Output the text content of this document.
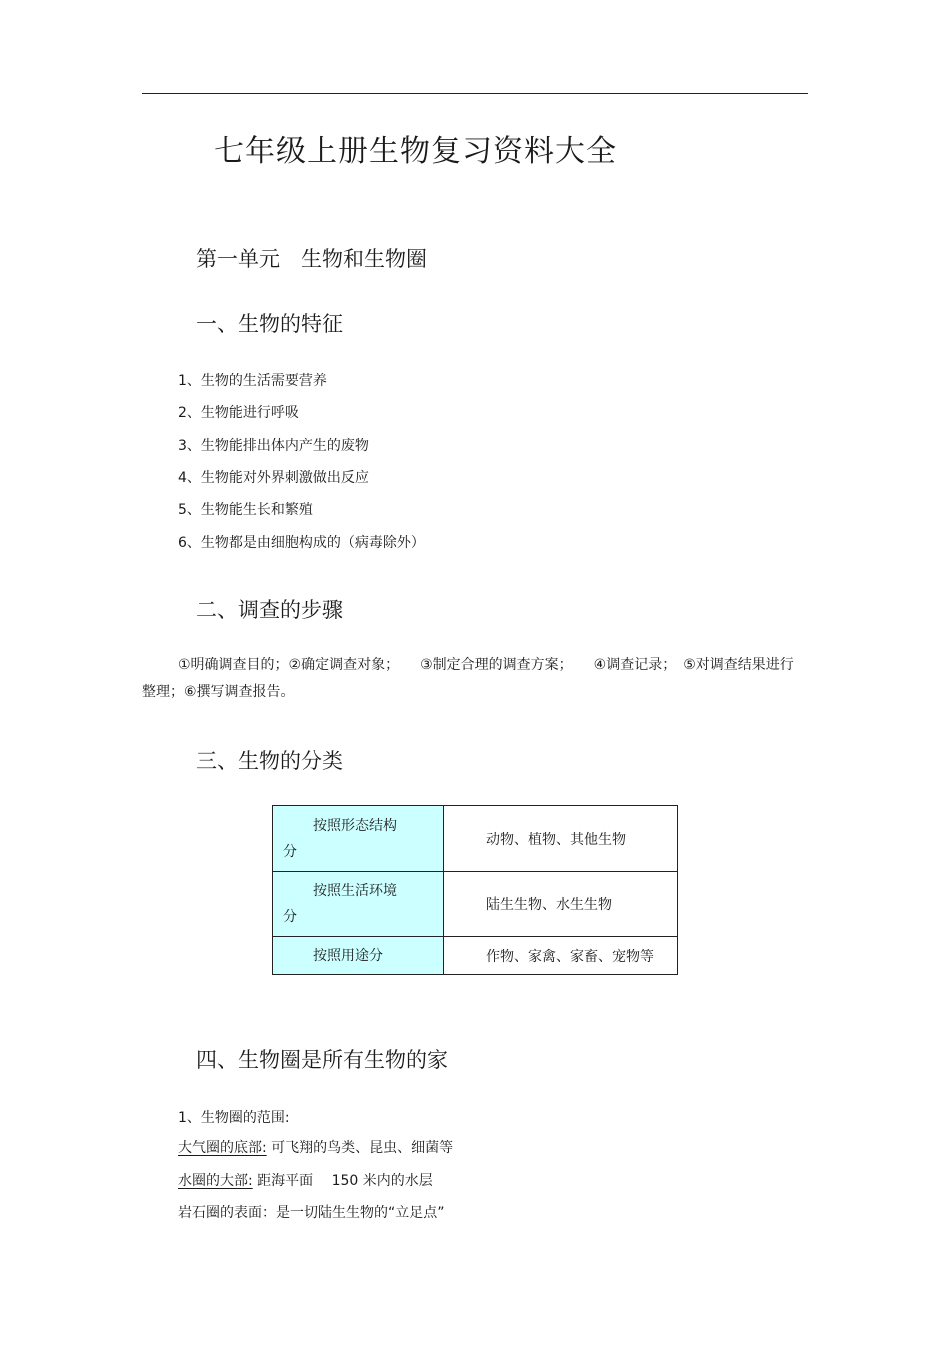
七年级上册生物复习资料大全
第一单元　生物和生物圈
一、生物的特征
1、生物的生活需要营养
2、生物能进行呼吸
3、生物能排出体内产生的废物
4、生物能对外界刺激做出反应
5、生物能生长和繁殖
6、生物都是由细胞构成的（病毒除外）
二、调查的步骤
①明确调查目的；②确定调查对象；　　③制定合理的调查方案；　　④调查记录；　⑤对调查结果进行整理；⑥撰写调查报告。
三、生物的分类
按照形态结构
分	动物、植物、其他生物

按照生活环境
分	陆生生物、水生生物

按照用途分	作物、家禽、家畜、宠物等
四、生物圈是所有生物的家
1、生物圈的范围:
大气圈的底部: 可飞翔的鸟类、昆虫、细菌等
水圈的大部: 距海平面　 150 米内的水层
岩石圈的表面：是一切陆生生物的“立足点”
